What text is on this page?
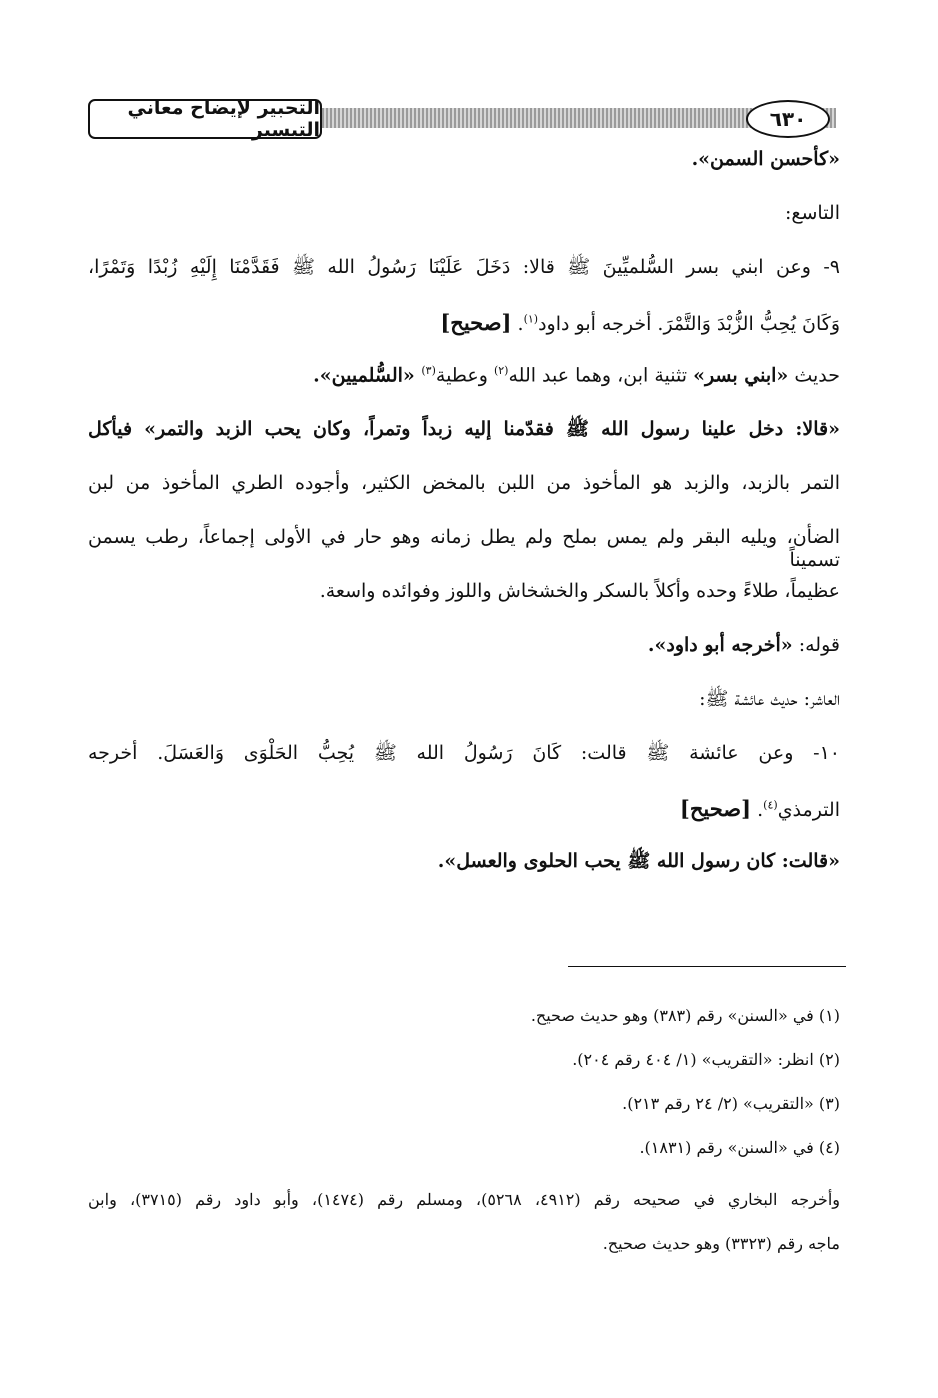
التحبير لإيضاح معاني التيسير	٦٣٠
«كأحسن السمن».
التاسع:
٩- وعن ابني بسر السُّلميِّينَ ﷺ قالا: دَخَلَ عَلَيْنَا رَسُولُ الله ﷺ فَقَدَّمْنَا إِلَيْهِ زُبْدًا وَتَمْرًا،
وَكَانَ يُحِبُّ الزُّبْدَ وَالتَّمْرَ. أخرجه أبو داود$^{(١)}$. [صحيح]
حديث «ابني بسر» تثنية ابن، وهما عبد الله$^{(٢)}$ وعطية$^{(٣)}$ «السُّلميين».
«قالا: دخل علينا رسول الله ﷺ فقدّمنا إليه زبداً وتمراً، وكان يحب الزبد والتمر» فيأكل
التمر بالزبد، والزبد هو المأخوذ من اللبن بالمخض الكثير، وأجوده الطري المأخوذ من لبن
الضأن، ويليه البقر ولم يمس بملح ولم يطل زمانه وهو حار في الأولى إجماعاً، رطب يسمن تسميناً
عظيماً، طلاءً وحده وأكلاً بالسكر والخشخاش واللوز وفوائده واسعة.
قوله: «أخرجه أبو داود».
العاشر: حديث عائشة ﷺ:
١٠- وعن عائشة ﷺ قالت: كَانَ رَسُولُ الله ﷺ يُحِبُّ الحَلْوَى وَالعَسَلَ. أخرجه
الترمذي$^{(٤)}$. [صحيح]
«قالت: كان رسول الله ﷺ يحب الحلوى والعسل».
(١) في «السنن» رقم (٣٨٣) وهو حديث صحيح.
(٢) انظر: «التقريب» (١/ ٤٠٤ رقم ٢٠٤).
(٣) «التقريب» (٢/ ٢٤ رقم ٢١٣).
(٤) في «السنن» رقم (١٨٣١).
وأخرجه البخاري في صحيحه رقم (٤٩١٢، ٥٢٦٨)، ومسلم رقم (١٤٧٤)، وأبو داود رقم (٣٧١٥)، وابن
ماجه رقم (٣٣٢٣) وهو حديث صحيح.
